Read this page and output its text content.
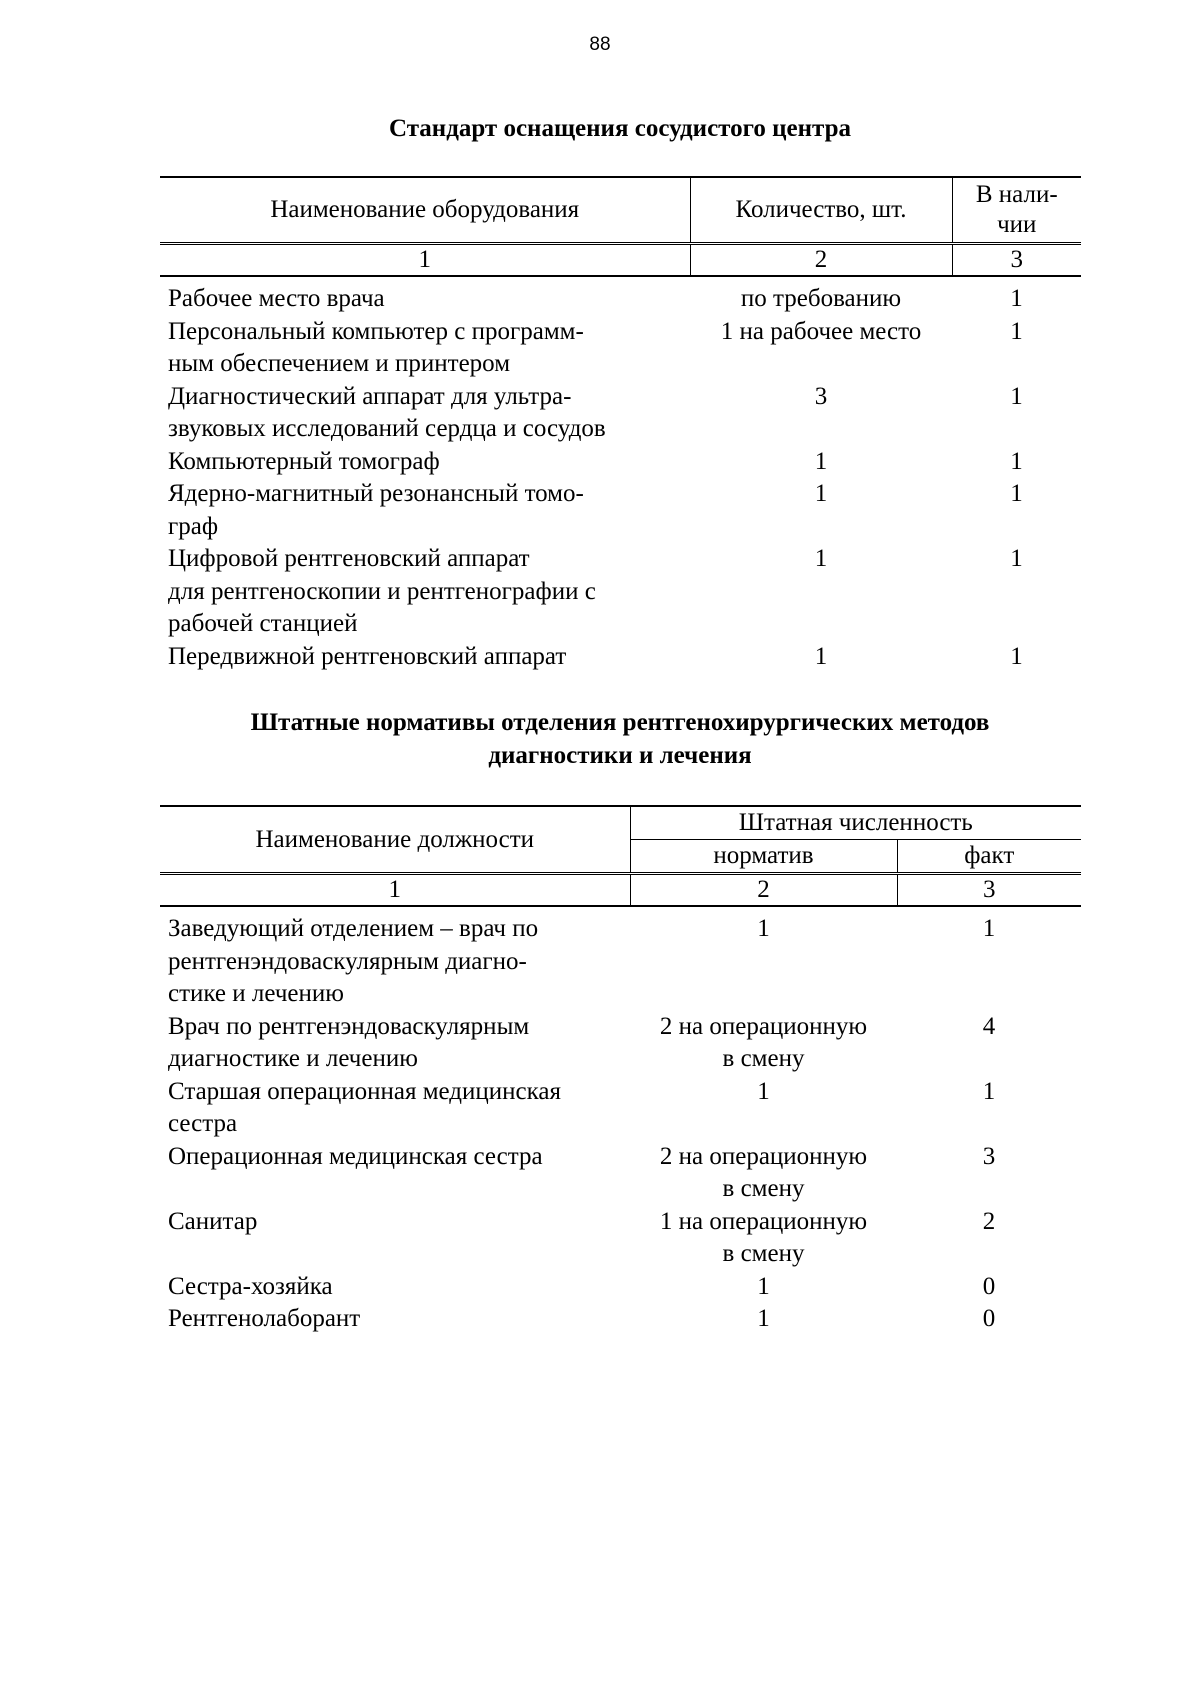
88
Стандарт оснащения сосудистого центра
Наименование оборудования	Количество, шт.	В нали-
чии

1	2	3

Рабочее место врача	по требованию	1

Персональный компьютер с программ-
ным обеспечением и принтером	1 на рабочее место	1

Диагностический аппарат для ультра-
звуковых исследований сердца и сосудов	3	1

Компьютерный томограф	1	1

Ядерно-магнитный резонансный томо-
граф	1	1

Цифровой рентгеновский аппарат
для рентгеноскопии и рентгенографии с
рабочей станцией	1	1

Передвижной рентгеновский аппарат	1	1
Штатные нормативы отделения рентгенохирургических методов
диагностики и лечения
Наименование должности	Штатная численность	
	норматив	факт
1	2	3

Заведующий отделением – врач по
рентгенэндоваскулярным диагно-
стике и лечению	1	1

Врач по рентгенэндоваскулярным
диагностике и лечению	2 на операционную
в смену	4

Старшая операционная медицинская
сестра	1	1

Операционная медицинская сестра	2 на операционную
в смену	3

Санитар	1 на операционную
в смену	2

Сестра-хозяйка	1	0

Рентгенолаборант	1	0
